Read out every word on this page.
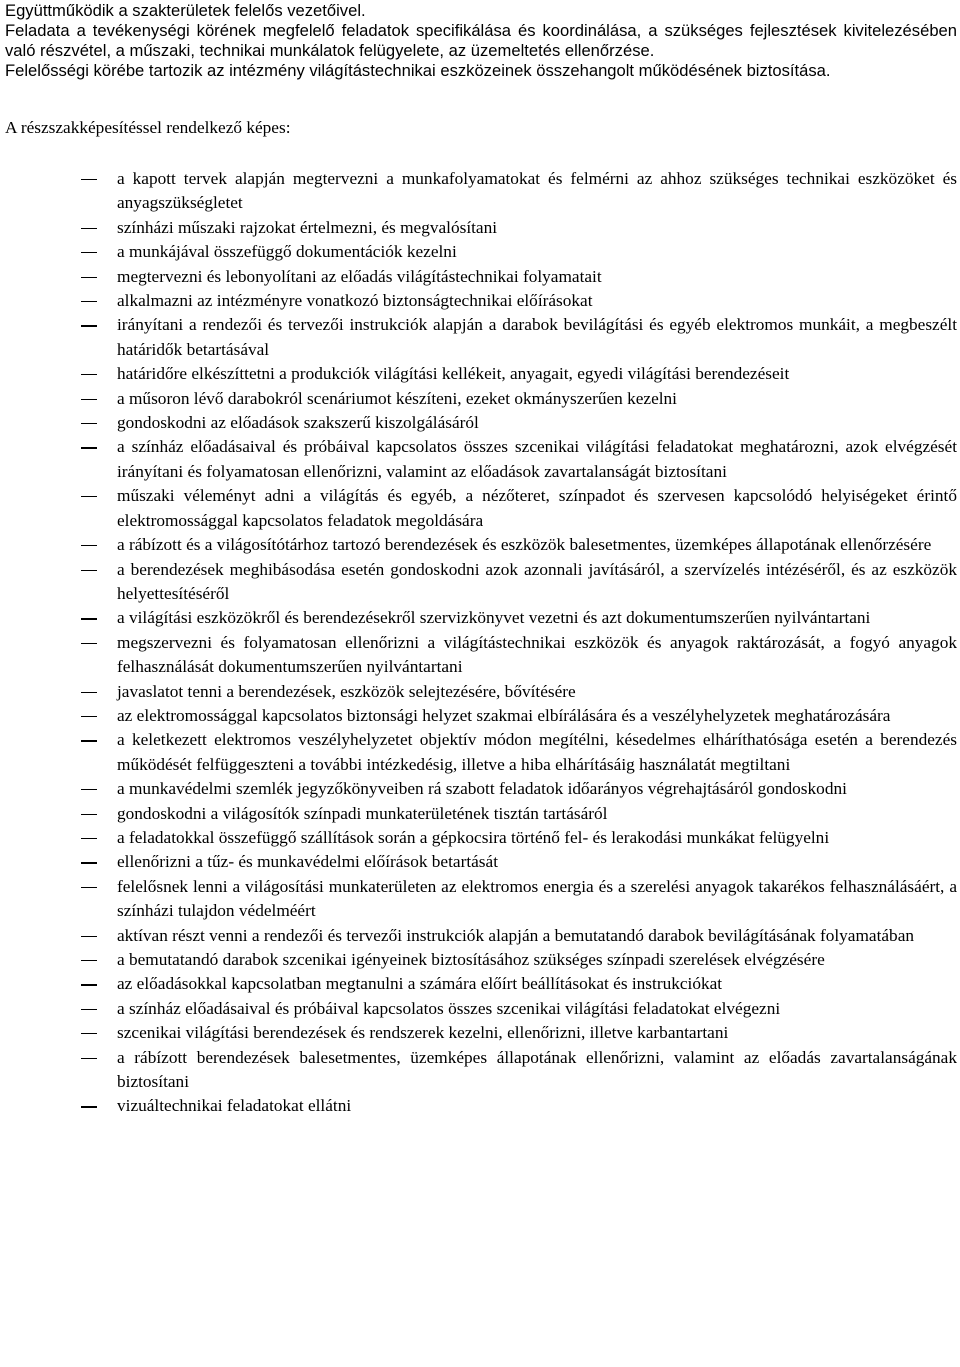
Együttműködik a szakterületek felelős vezetőivel.

Feladata a tevékenységi körének megfelelő feladatok specifikálása és koordinálása, a szükséges fejlesztések kivitelezésében való részvétel, a műszaki, technikai munkálatok felügyelete, az üzemeltetés ellenőrzése.

Felelősségi körébe tartozik az intézmény világítástechnikai eszközeinek összehangolt működésének biztosítása.

A részszakképesítéssel rendelkező képes:

a kapott tervek alapján megtervezni a munkafolyamatokat és felmérni az ahhoz szükséges technikai eszközöket és anyagszükségletet
színházi műszaki rajzokat értelmezni, és megvalósítani
a munkájával összefüggő dokumentációk kezelni
megtervezni és lebonyolítani az előadás világítástechnikai folyamatait
alkalmazni az intézményre vonatkozó biztonságtechnikai előírásokat
irányítani a rendezői és tervezői instrukciók alapján a darabok bevilágítási és egyéb elektromos munkáit, a megbeszélt határidők betartásával
határidőre elkészíttetni a produkciók világítási kellékeit, anyagait, egyedi világítási berendezéseit
a műsoron lévő darabokról scenáriumot készíteni, ezeket okmányszerűen kezelni
gondoskodni az előadások szakszerű kiszolgálásáról
a színház előadásaival és próbáival kapcsolatos összes szcenikai világítási feladatokat meghatározni, azok elvégzését irányítani és folyamatosan ellenőrizni, valamint az előadások zavartalanságát biztosítani
műszaki véleményt adni a világítás és egyéb, a nézőteret, színpadot és szervesen kapcsolódó helyiségeket érintő elektromossággal kapcsolatos feladatok megoldására
a rábízott és a világosítótárhoz tartozó berendezések és eszközök balesetmentes, üzemképes állapotának ellenőrzésére
a berendezések meghibásodása esetén gondoskodni azok azonnali javításáról, a szervízelés intézéséről, és az eszközök helyettesítéséről
a világítási eszközökről és berendezésekről szervizkönyvet vezetni és azt dokumentumszerűen nyilvántartani
megszervezni és folyamatosan ellenőrizni a világítástechnikai eszközök és anyagok raktározását, a fogyó anyagok felhasználását dokumentumszerűen nyilvántartani
javaslatot tenni a berendezések, eszközök selejtezésére, bővítésére
az elektromossággal kapcsolatos biztonsági helyzet szakmai elbírálására és a veszélyhelyzetek meghatározására
a keletkezett elektromos veszélyhelyzetet objektív módon megítélni, késedelmes elháríthatósága esetén a berendezés működését felfüggeszteni a további intézkedésig, illetve a hiba elhárításáig használatát megtiltani
a munkavédelmi szemlék jegyzőkönyveiben rá szabott feladatok időarányos végrehajtásáról gondoskodni
gondoskodni a világosítók színpadi munkaterületének tisztán tartásáról
a feladatokkal összefüggő szállítások során a gépkocsira történő fel- és lerakodási munkákat felügyelni
ellenőrizni a tűz- és munkavédelmi előírások betartását
felelősnek lenni a világosítási munkaterületen az elektromos energia és a szerelési anyagok takarékos felhasználásáért, a színházi tulajdon védelméért
aktívan részt venni a rendezői és tervezői instrukciók alapján a bemutatandó darabok bevilágításának folyamatában
a bemutatandó darabok szcenikai igényeinek biztosításához szükséges színpadi szerelések elvégzésére
az előadásokkal kapcsolatban megtanulni a számára előírt beállításokat és instrukciókat
a színház előadásaival és próbáival kapcsolatos összes szcenikai világítási feladatokat elvégezni
szcenikai világítási berendezések és rendszerek kezelni, ellenőrizni, illetve karbantartani
a rábízott berendezések balesetmentes, üzemképes állapotának ellenőrizni, valamint az előadás zavartalanságának biztosítani
vizuáltechnikai feladatokat ellátni
